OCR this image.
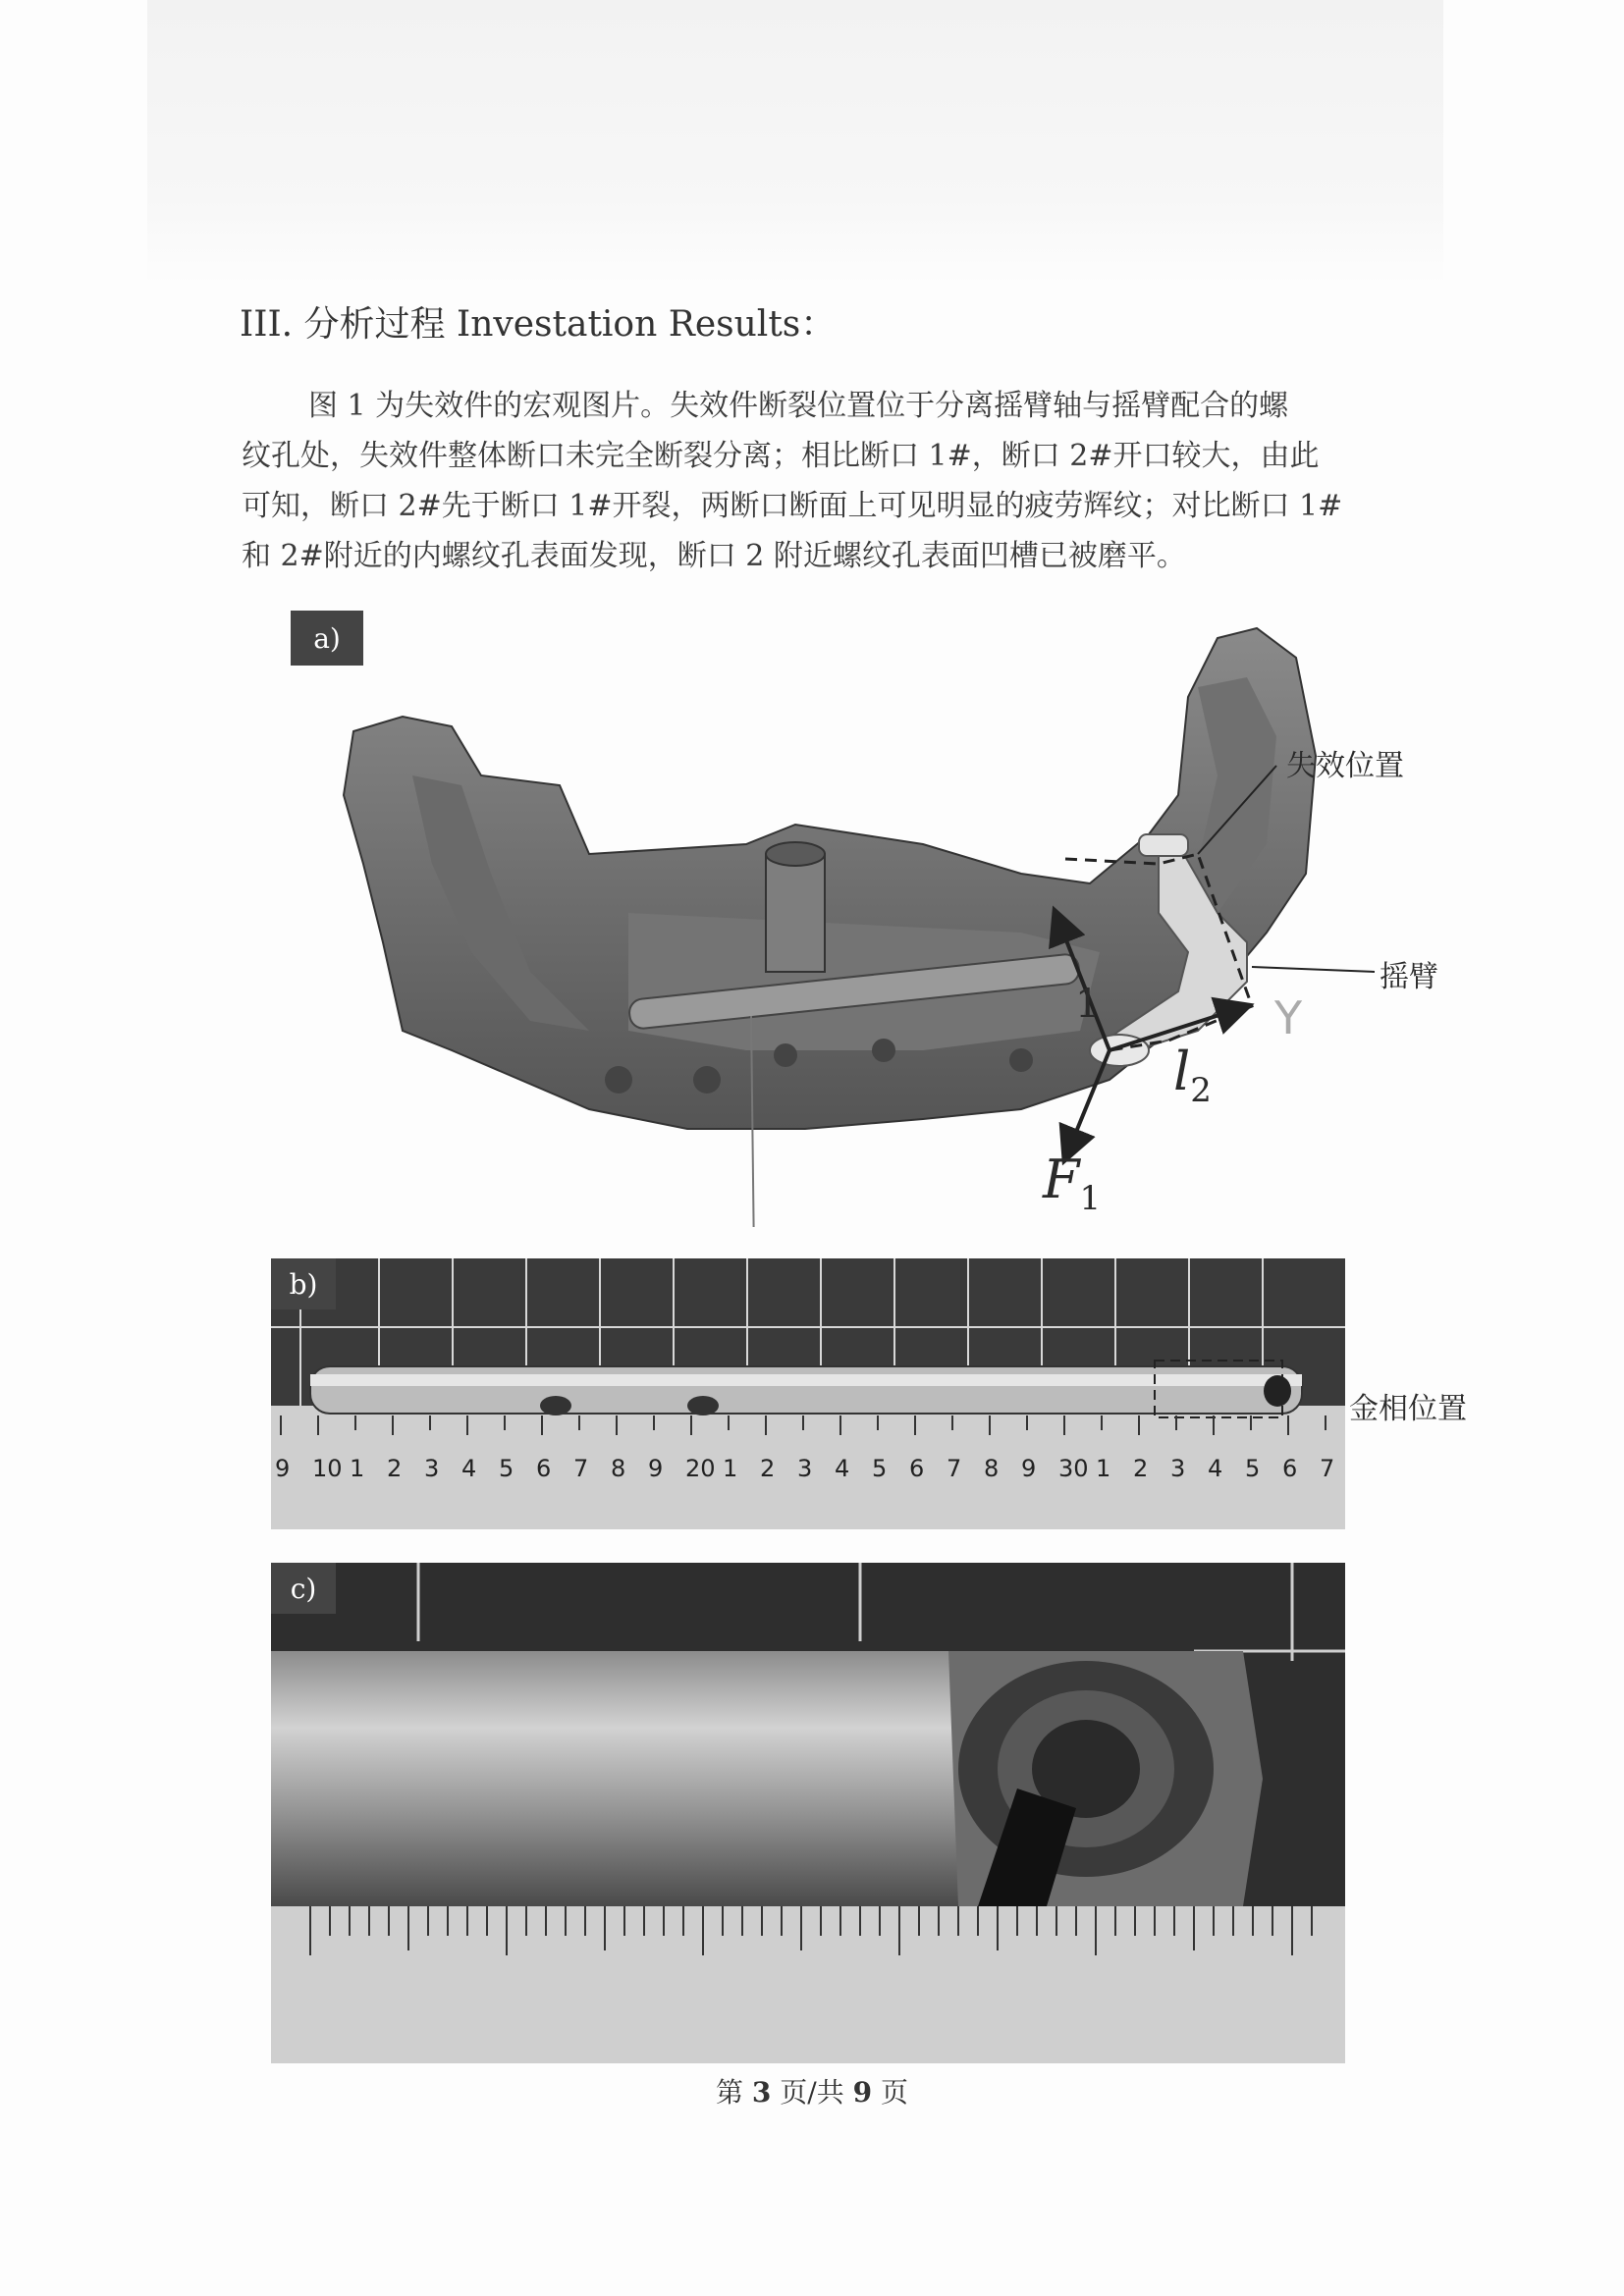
III. 分析过程 Investation Results：
图 1 为失效件的宏观图片。失效件断裂位置位于分离摇臂轴与摇臂配合的螺
纹孔处，失效件整体断口未完全断裂分离；相比断口 1#，断口 2#开口较大，由此
可知，断口 2#先于断口 1#开裂，两断口断面上可见明显的疲劳辉纹；对比断口 1#
和 2#附近的内螺纹孔表面发现，断口 2 附近螺纹孔表面凹槽已被磨平。
a)
失效位置
摇臂
1
$l_2$
$F_1$
Y
9 10 1 2 3 4 5 6 7 8 9 20 1 2 3 4 5 6 7 8 9 30 1 2 3 4 5 6 7
b)
金相位置
c)
第 3 页/共 9 页
